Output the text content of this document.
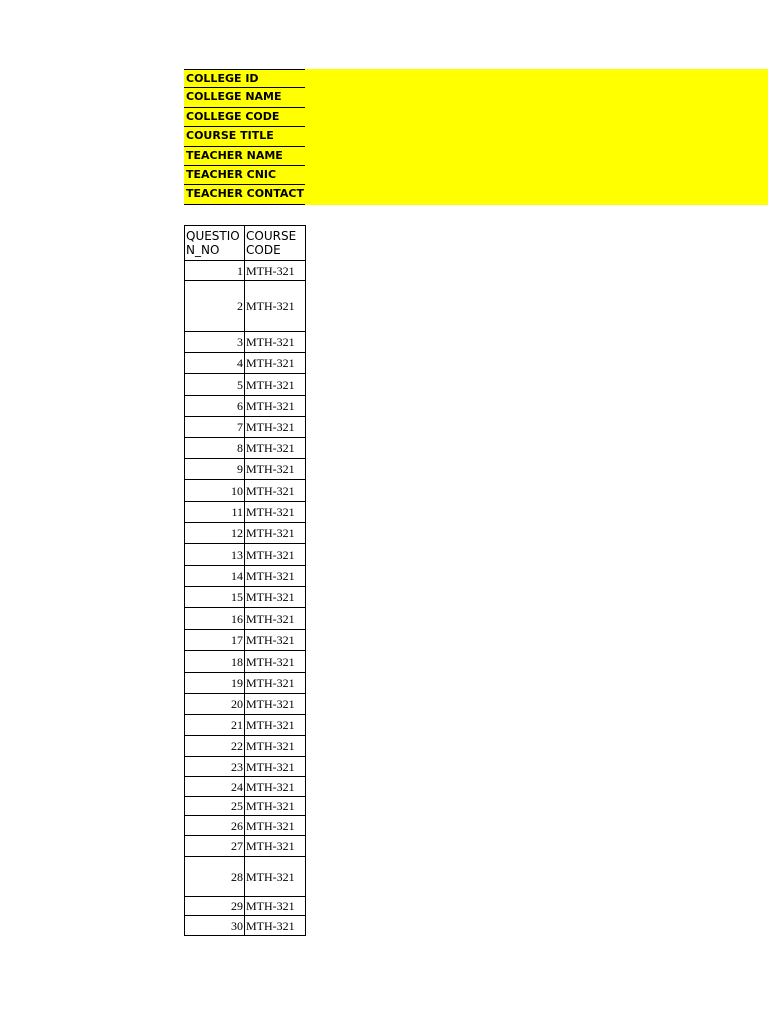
COLLEGE ID
COLLEGE NAME
COLLEGE CODE
COURSE TITLE
TEACHER NAME
TEACHER CNIC
TEACHER CONTACT
QUESTION_NO	COURSE CODE
1	MTH-321
2	MTH-321
3	MTH-321
4	MTH-321
5	MTH-321
6	MTH-321
7	MTH-321
8	MTH-321
9	MTH-321
10	MTH-321
11	MTH-321
12	MTH-321
13	MTH-321
14	MTH-321
15	MTH-321
16	MTH-321
17	MTH-321
18	MTH-321
19	MTH-321
20	MTH-321
21	MTH-321
22	MTH-321
23	MTH-321
24	MTH-321
25	MTH-321
26	MTH-321
27	MTH-321
28	MTH-321
29	MTH-321
30	MTH-321
